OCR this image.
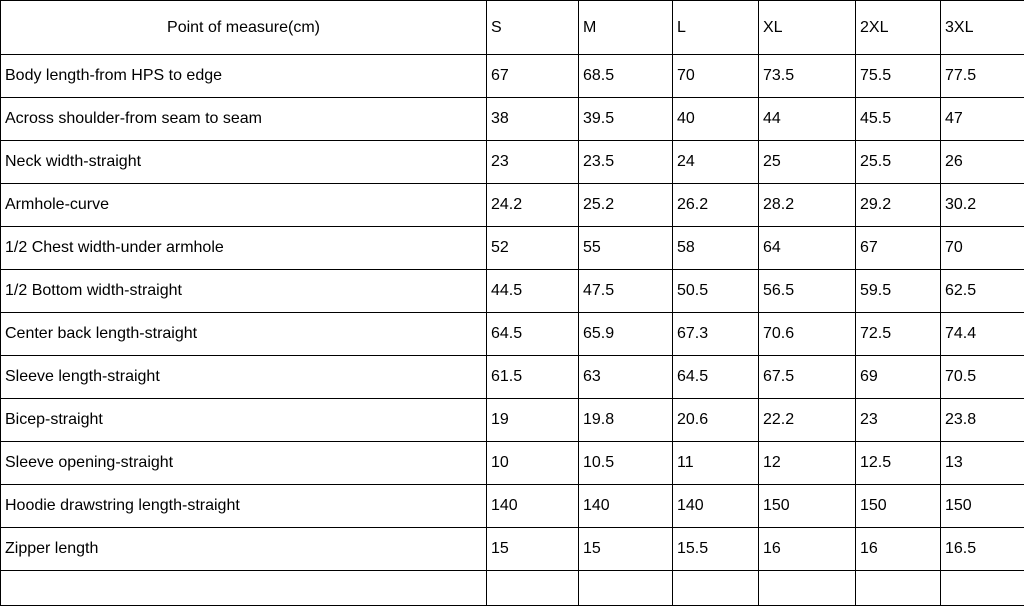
Point of measure(cm)	S	M	L	XL	2XL	3XL
Body length-from HPS to edge	67	68.5	70	73.5	75.5	77.5
Across shoulder-from seam to seam	38	39.5	40	44	45.5	47
Neck width-straight	23	23.5	24	25	25.5	26
Armhole-curve	24.2	25.2	26.2	28.2	29.2	30.2
1/2 Chest width-under armhole	52	55	58	64	67	70
1/2 Bottom width-straight	44.5	47.5	50.5	56.5	59.5	62.5
Center back length-straight	64.5	65.9	67.3	70.6	72.5	74.4
Sleeve length-straight	61.5	63	64.5	67.5	69	70.5
Bicep-straight	19	19.8	20.6	22.2	23	23.8
Sleeve opening-straight	10	10.5	11	12	12.5	13
Hoodie drawstring length-straight	140	140	140	150	150	150
Zipper length	15	15	15.5	16	16	16.5
